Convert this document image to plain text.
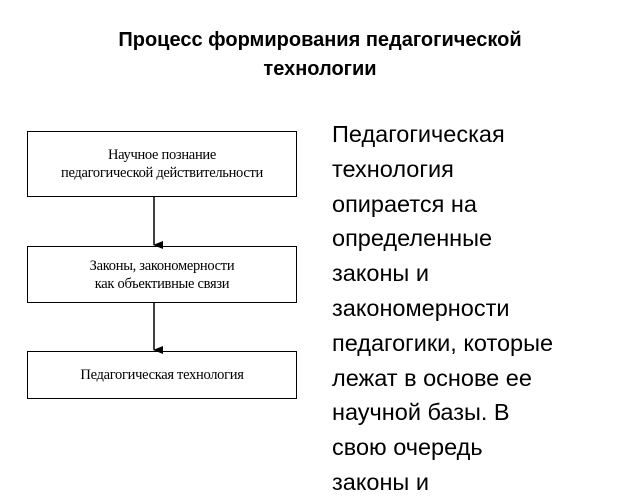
Процесс формирования педагогической
технологии
Научное познание
педагогической действительности
Законы, закономерности
как объективные связи
Педагогическая технология
Педагогическая
технология
опирается на
определенные
законы и
закономерности
педагогики, которые
лежат в основе ее
научной базы. В
свою очередь
законы и
